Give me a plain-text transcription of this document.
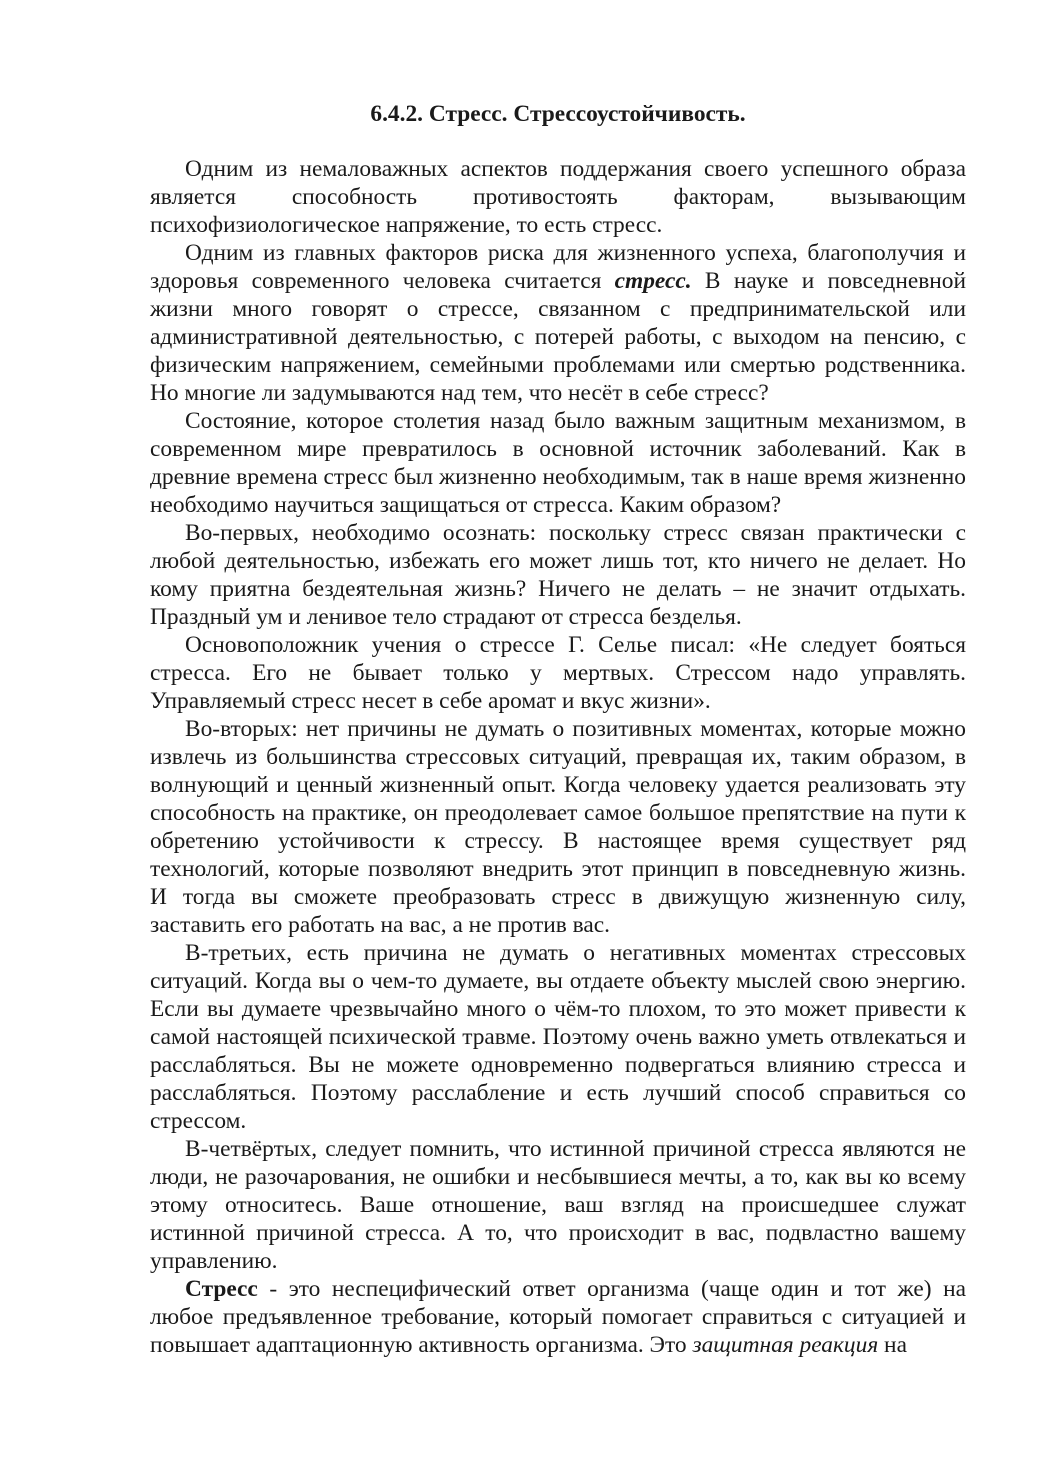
6.4.2. Стресс. Стрессоустойчивость.

Одним из немаловажных аспектов поддержания своего успешного образа является способность противостоять факторам, вызывающим психофизиологическое напряжение, то есть стресс.

Одним из главных факторов риска для жизненного успеха, благополучия и здоровья современного человека считается стресс. В науке и повседневной жизни много говорят о стрессе, связанном с предпринимательской или административной деятельностью, с потерей работы, с выходом на пенсию, с физическим напряжением, семейными проблемами или смертью родственника. Но многие ли задумываются над тем, что несёт в себе стресс?

Состояние, которое столетия назад было важным защитным механизмом, в современном мире превратилось в основной источник заболеваний. Как в древние времена стресс был жизненно необходимым, так в наше время жизненно необходимо научиться защищаться от стресса. Каким образом?

Во-первых, необходимо осознать: поскольку стресс связан практически с любой деятельностью, избежать его может лишь тот, кто ничего не делает. Но кому приятна бездеятельная жизнь? Ничего не делать – не значит отдыхать. Праздный ум и ленивое тело страдают от стресса безделья.

Основоположник учения о стрессе Г. Селье писал: «Не следует бояться стресса. Его не бывает только у мертвых. Стрессом надо управлять. Управляемый стресс несет в себе аромат и вкус жизни».

Во-вторых: нет причины не думать о позитивных моментах, которые можно извлечь из большинства стрессовых ситуаций, превращая их, таким образом, в волнующий и ценный жизненный опыт. Когда человеку удается реализовать эту способность на практике, он преодолевает самое большое препятствие на пути к обретению устойчивости к стрессу. В настоящее время существует ряд технологий, которые позволяют внедрить этот принцип в повседневную жизнь. И тогда вы сможете преобразовать стресс в движущую жизненную силу, заставить его работать на вас, а не против вас.

В-третьих, есть причина не думать о негативных моментах стрессовых ситуаций. Когда вы о чем-то думаете, вы отдаете объекту мыслей свою энергию. Если вы думаете чрезвычайно много о чём-то плохом, то это может привести к самой настоящей психической травме. Поэтому очень важно уметь отвлекаться и расслабляться. Вы не можете одновременно подвергаться влиянию стресса и расслабляться. Поэтому расслабление и есть лучший способ справиться со стрессом.

В-четвёртых, следует помнить, что истинной причиной стресса являются не люди, не разочарования, не ошибки и несбывшиеся мечты, а то, как вы ко всему этому относитесь. Ваше отношение, ваш взгляд на происшедшее служат истинной причиной стресса. А то, что происходит в вас, подвластно вашему управлению.

Стресс - это неспецифический ответ организма (чаще один и тот же) на любое предъявленное требование, который помогает справиться с ситуацией и повышает адаптационную активность организма. Это защитная реакция на
